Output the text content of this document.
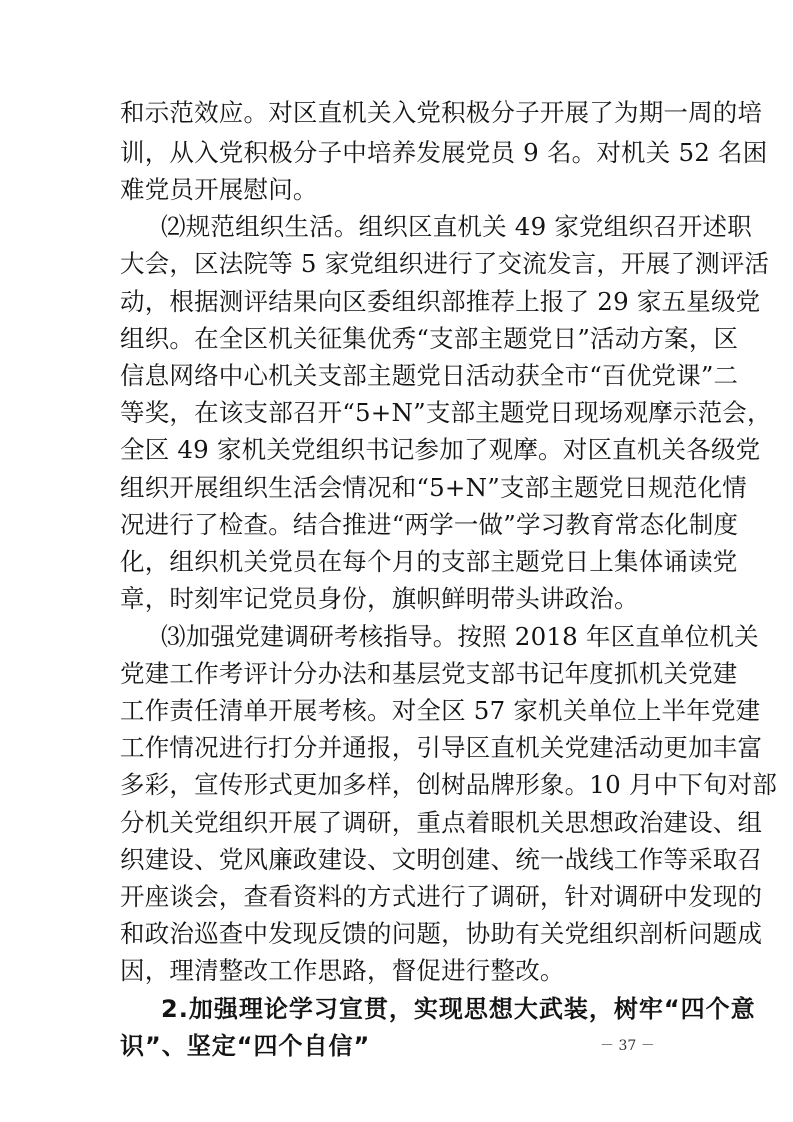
和示范效应。对区直机关入党积极分子开展了为期一周的培
训，从入党积极分子中培养发展党员 9 名。对机关 52 名困
难党员开展慰问。
⑵规范组织生活。组织区直机关 49 家党组织召开述职
大会，区法院等 5 家党组织进行了交流发言，开展了测评活
动，根据测评结果向区委组织部推荐上报了 29 家五星级党
组织。在全区机关征集优秀“支部主题党日”活动方案，区
信息网络中心机关支部主题党日活动获全市“百优党课”二
等奖，在该支部召开“5+N”支部主题党日现场观摩示范会，
全区 49 家机关党组织书记参加了观摩。对区直机关各级党
组织开展组织生活会情况和“5+N”支部主题党日规范化情
况进行了检查。结合推进“两学一做”学习教育常态化制度
化，组织机关党员在每个月的支部主题党日上集体诵读党
章，时刻牢记党员身份，旗帜鲜明带头讲政治。
⑶加强党建调研考核指导。按照 2018 年区直单位机关
党建工作考评计分办法和基层党支部书记年度抓机关党建
工作责任清单开展考核。对全区 57 家机关单位上半年党建
工作情况进行打分并通报，引导区直机关党建活动更加丰富
多彩，宣传形式更加多样，创树品牌形象。10 月中下旬对部
分机关党组织开展了调研，重点着眼机关思想政治建设、组
织建设、党风廉政建设、文明创建、统一战线工作等采取召
开座谈会，查看资料的方式进行了调研，针对调研中发现的
和政治巡查中发现反馈的问题，协助有关党组织剖析问题成
因，理清整改工作思路，督促进行整改。
2.加强理论学习宣贯，实现思想大武装，树牢“四个意
识”、坚定“四个自信”	－ 37 －
